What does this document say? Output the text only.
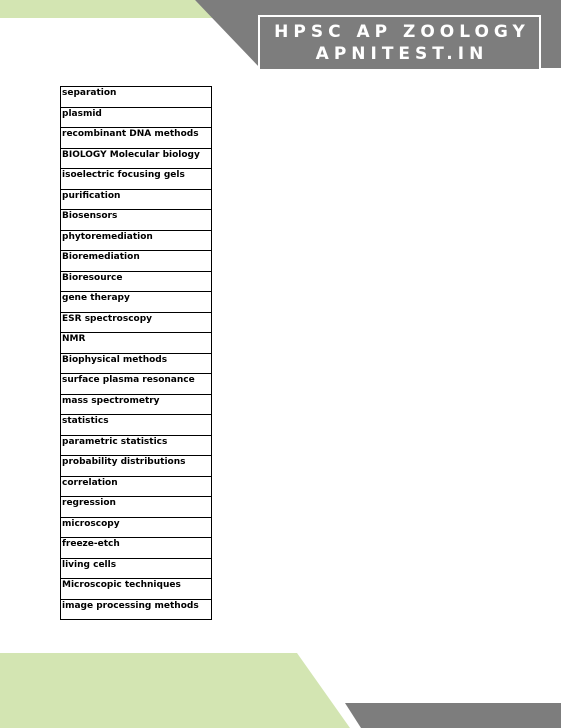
HPSC AP ZOOLOGY
APNITEST.IN
separation
plasmid
recombinant DNA methods
BIOLOGY Molecular biology
isoelectric focusing gels
purification
Biosensors
phytoremediation
Bioremediation
Bioresource
gene therapy
ESR spectroscopy
NMR
Biophysical methods
surface plasma resonance
mass spectrometry
statistics
parametric statistics
probability distributions
correlation
regression
microscopy
freeze-etch
living cells
Microscopic techniques
image processing methods
